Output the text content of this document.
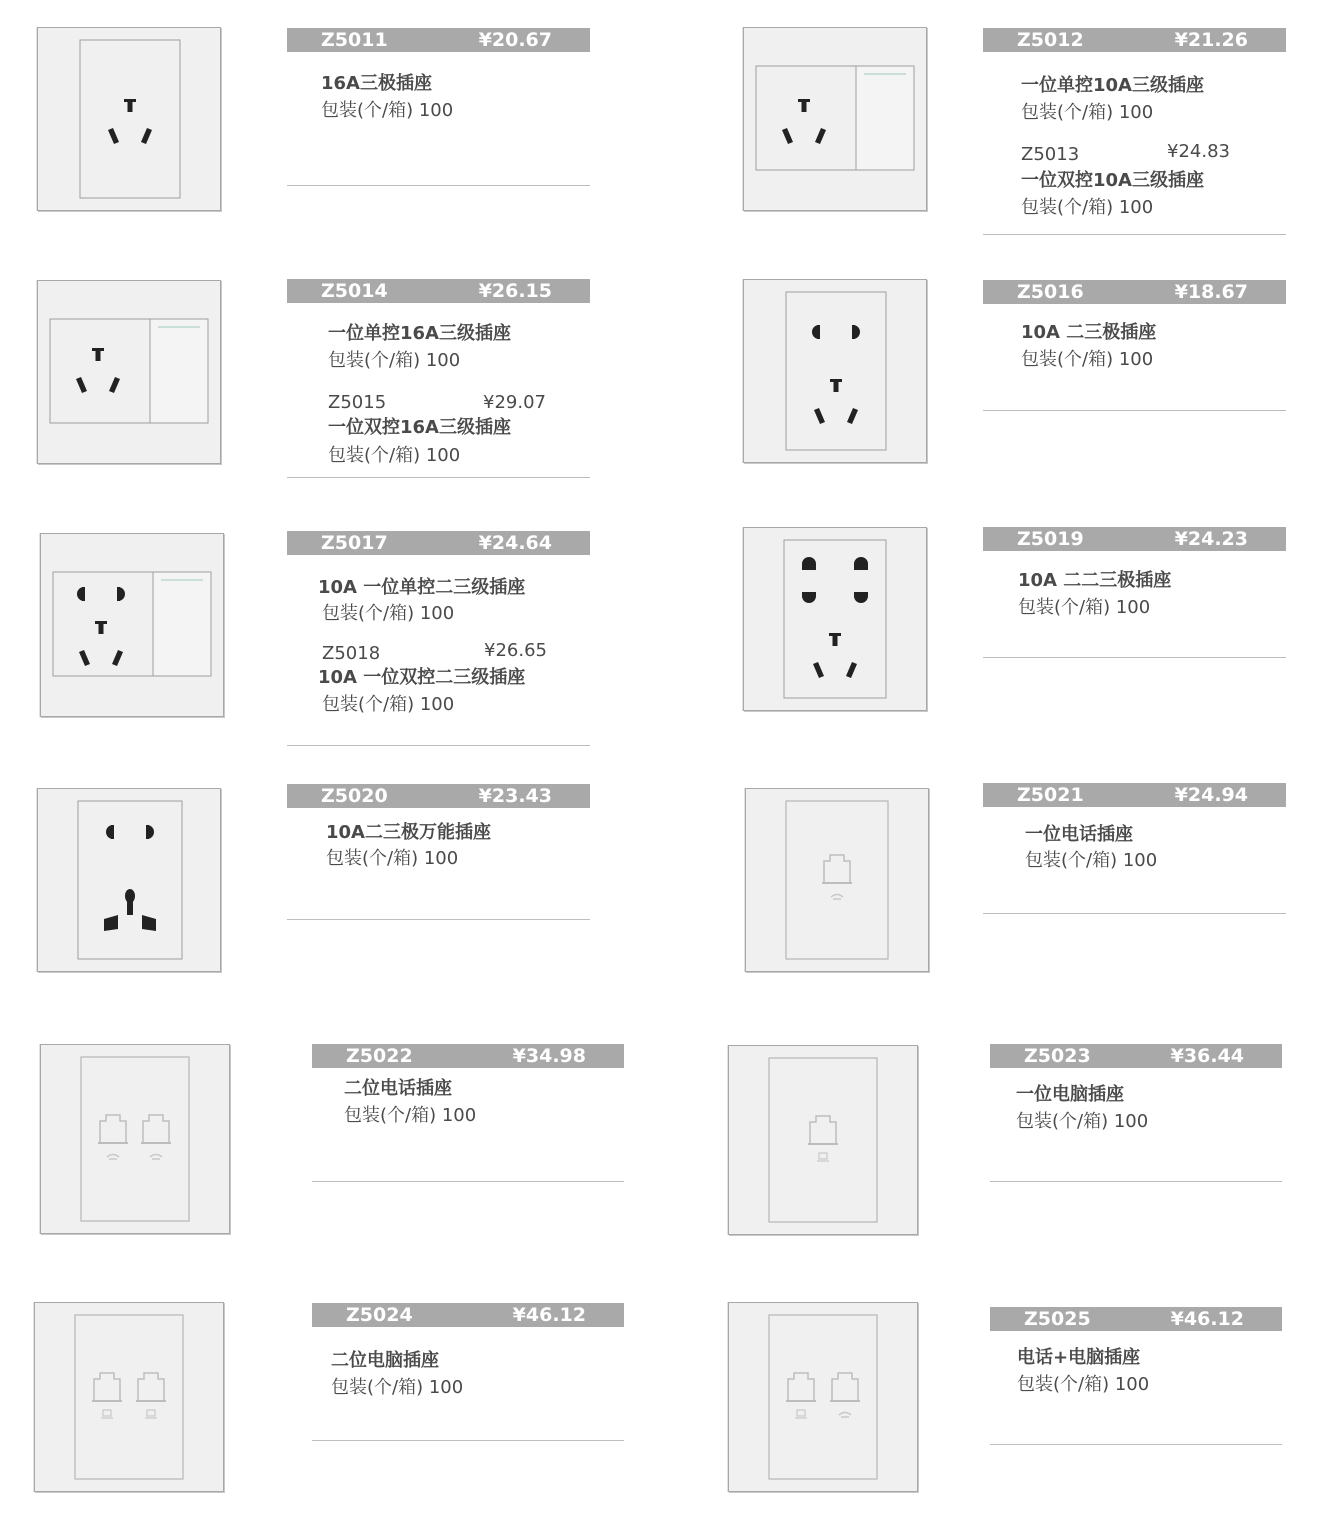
Z5011	¥20.67
16A三极插座
包装(个/箱) 100
Z5012	¥21.26
一位单控10A三级插座
包装(个/箱) 100
Z5013	¥24.83
一位双控10A三级插座
包装(个/箱) 100
Z5014	¥26.15
一位单控16A三级插座
包装(个/箱) 100
Z5015	¥29.07
一位双控16A三级插座
包装(个/箱) 100
Z5016	¥18.67
10A 二三极插座
包装(个/箱) 100
Z5017	¥24.64
10A 一位单控二三级插座
包装(个/箱) 100
Z5018	¥26.65
10A 一位双控二三级插座
包装(个/箱) 100
Z5019	¥24.23
10A 二二三极插座
包装(个/箱) 100
Z5020	¥23.43
10A二三极万能插座
包装(个/箱) 100
Z5021	¥24.94
一位电话插座
包装(个/箱) 100
Z5022	¥34.98
二位电话插座
包装(个/箱) 100
Z5023	¥36.44
一位电脑插座
包装(个/箱) 100
Z5024	¥46.12
二位电脑插座
包装(个/箱) 100
Z5025	¥46.12
电话+电脑插座
包装(个/箱) 100
